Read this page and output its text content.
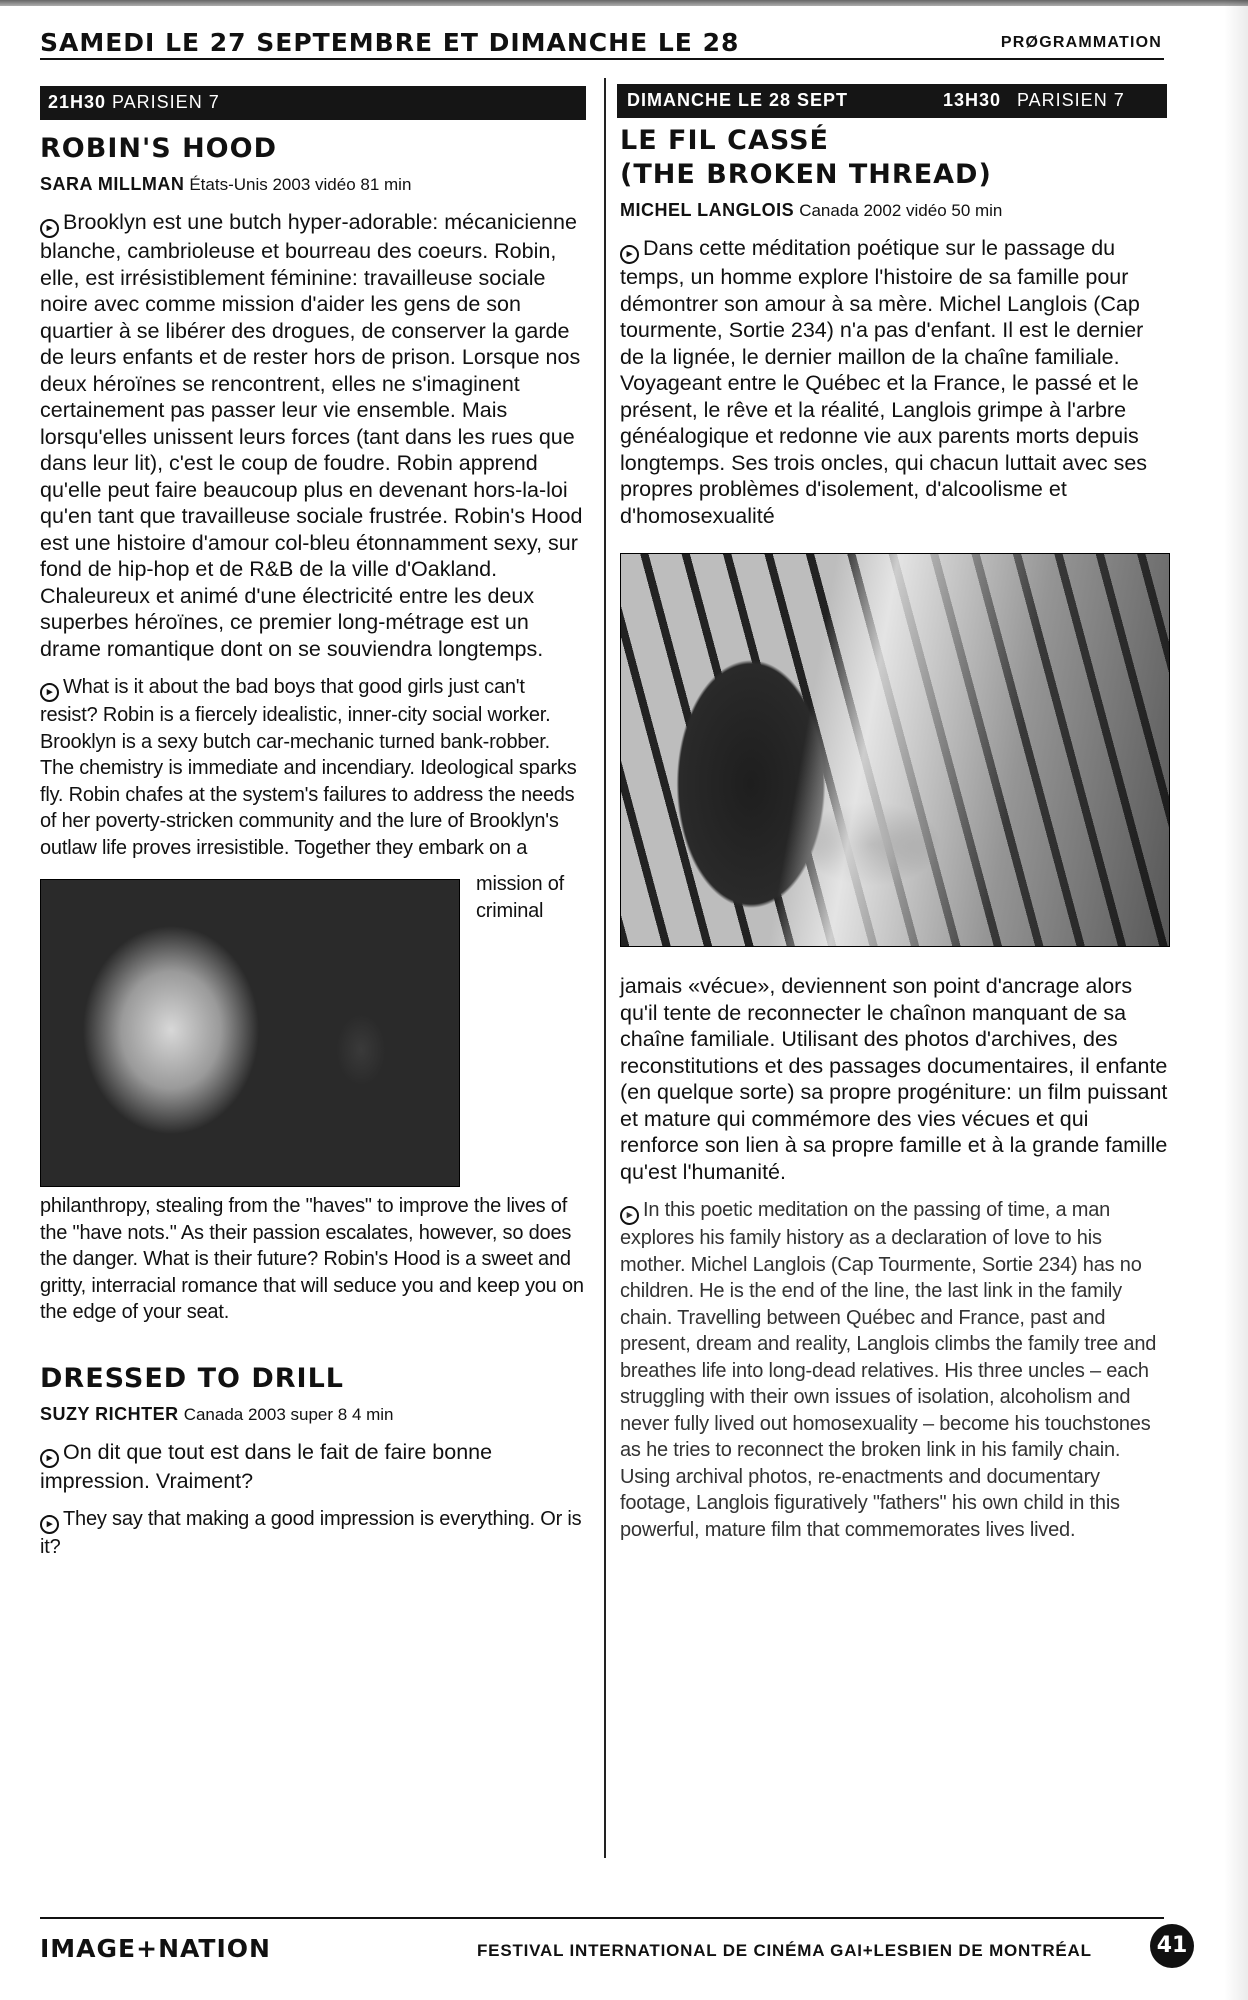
SAMEDI LE 27 SEPTEMBRE ET DIMANCHE LE 28	PRØGRAMMATION
21H30 PARISIEN 7	DIMANCHE LE 28 SEPT	13H30 PARISIEN 7
ROBIN'S HOOD
SARA MILLMAN États-Unis 2003 vidéo 81 min

▸ Brooklyn est une butch hyper-adorable: mécanicienne blanche, cambrioleuse et bourreau des coeurs. Robin, elle, est irrésistiblement féminine: travailleuse sociale noire avec comme mission d'aider les gens de son quartier à se libérer des drogues, de conserver la garde de leurs enfants et de rester hors de prison. Lorsque nos deux héroïnes se rencontrent, elles ne s'imaginent certainement pas passer leur vie ensemble. Mais lorsqu'elles unissent leurs forces (tant dans les rues que dans leur lit), c'est le coup de foudre. Robin apprend qu'elle peut faire beaucoup plus en devenant hors-la-loi qu'en tant que travailleuse sociale frustrée. Robin's Hood est une histoire d'amour col-bleu étonnamment sexy, sur fond de hip-hop et de R&B de la ville d'Oakland. Chaleureux et animé d'une électricité entre les deux superbes héroïnes, ce premier long-métrage est un drame romantique dont on se souviendra longtemps.

▸ What is it about the bad boys that good girls just can't resist? Robin is a fiercely idealistic, inner-city social worker. Brooklyn is a sexy butch car-mechanic turned bank-robber. The chemistry is immediate and incendiary. Ideological sparks fly. Robin chafes at the system's failures to address the needs of her poverty-stricken community and the lure of Brooklyn's outlaw life proves irresistible. Together they embark on a

mission of criminal philanthropy, stealing from the "haves" to improve the lives of the "have nots." As their passion escalates, however, so does the danger. What is their future? Robin's Hood is a sweet and gritty, interracial romance that will seduce you and keep you on the edge of your seat.

DRESSED TO DRILL
SUZY RICHTER Canada 2003 super 8 4 min

▸ On dit que tout est dans le fait de faire bonne impression. Vraiment?

▸ They say that making a good impression is everything. Or is it?

LE FIL CASSÉ
(THE BROKEN THREAD)
MICHEL LANGLOIS Canada 2002 vidéo 50 min

▸ Dans cette méditation poétique sur le passage du temps, un homme explore l'histoire de sa famille pour démontrer son amour à sa mère. Michel Langlois (Cap tourmente, Sortie 234) n'a pas d'enfant. Il est le dernier de la lignée, le dernier maillon de la chaîne familiale. Voyageant entre le Québec et la France, le passé et le présent, le rêve et la réalité, Langlois grimpe à l'arbre généalogique et redonne vie aux parents morts depuis longtemps. Ses trois oncles, qui chacun luttait avec ses propres problèmes d'isolement, d'alcoolisme et d'homosexualité

jamais «vécue», deviennent son point d'ancrage alors qu'il tente de reconnecter le chaînon manquant de sa chaîne familiale. Utilisant des photos d'archives, des reconstitutions et des passages documentaires, il enfante (en quelque sorte) sa propre progéniture: un film puissant et mature qui commémore des vies vécues et qui renforce son lien à sa propre famille et à la grande famille qu'est l'humanité.

▸ In this poetic meditation on the passing of time, a man explores his family history as a declaration of love to his mother. Michel Langlois (Cap Tourmente, Sortie 234) has no children. He is the end of the line, the last link in the family chain. Travelling between Québec and France, past and present, dream and reality, Langlois climbs the family tree and breathes life into long-dead relatives. His three uncles – each struggling with their own issues of isolation, alcoholism and never fully lived out homosexuality – become his touchstones as he tries to reconnect the broken link in his family chain. Using archival photos, re-enactments and documentary footage, Langlois figuratively "fathers" his own child in this powerful, mature film that commemorates lives lived.

IMAGE+NATION	FESTIVAL INTERNATIONAL DE CINÉMA GAI+LESBIEN DE MONTRÉAL	41
